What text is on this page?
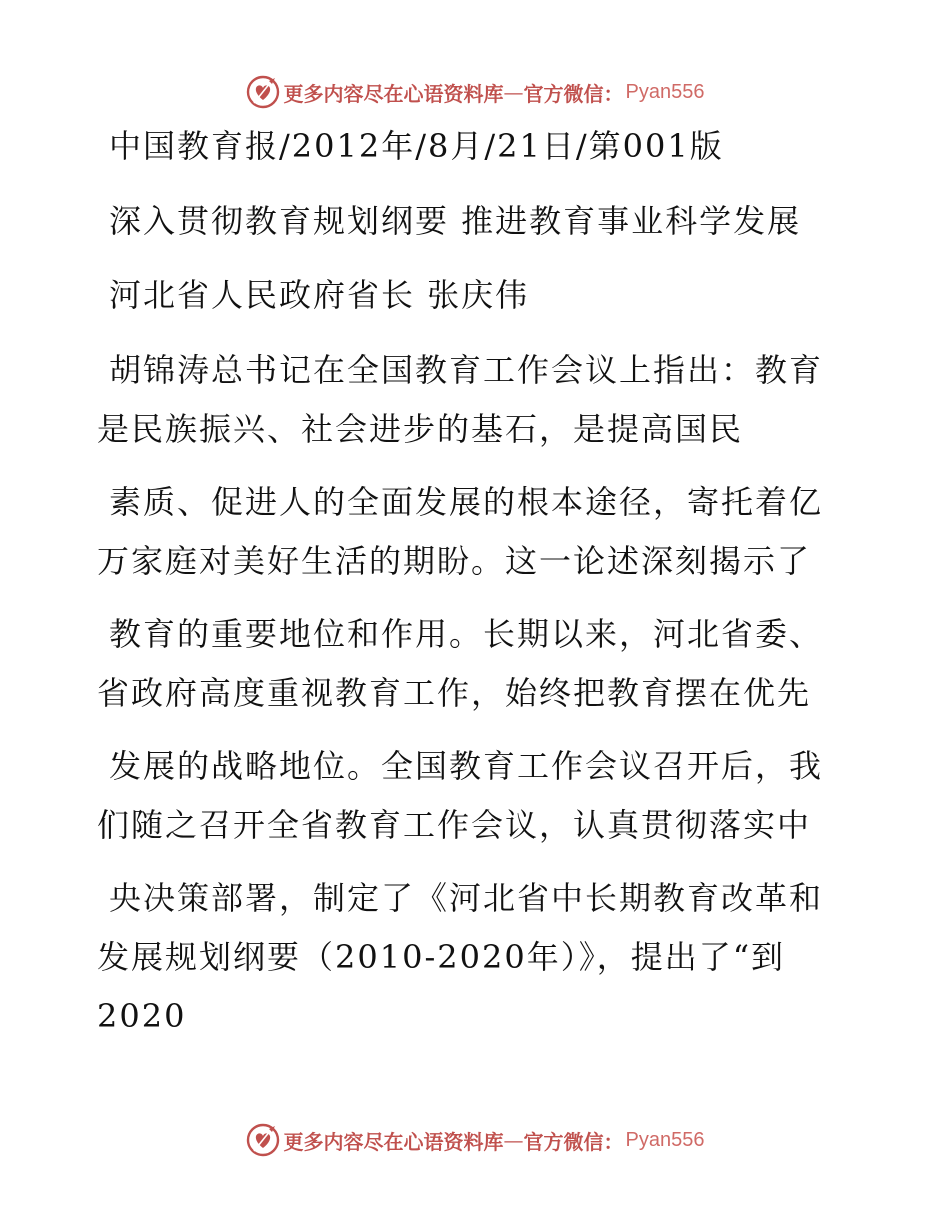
更多内容尽在心语资料库 — 官方微信： Pyan556
中国教育报/2012年/8月/21日/第001版
深入贯彻教育规划纲要 推进教育事业科学发展
河北省人民政府省长 张庆伟
胡锦涛总书记在全国教育工作会议上指出：教育
是民族振兴、社会进步的基石，是提高国民
素质、促进人的全面发展的根本途径，寄托着亿
万家庭对美好生活的期盼。这一论述深刻揭示了
教育的重要地位和作用。长期以来，河北省委、
省政府高度重视教育工作，始终把教育摆在优先
发展的战略地位。全国教育工作会议召开后，我
们随之召开全省教育工作会议，认真贯彻落实中
央决策部署，制定了《河北省中长期教育改革和
发展规划纲要（2010-2020年）》，提出了“到
2020
更多内容尽在心语资料库 — 官方微信： Pyan556
